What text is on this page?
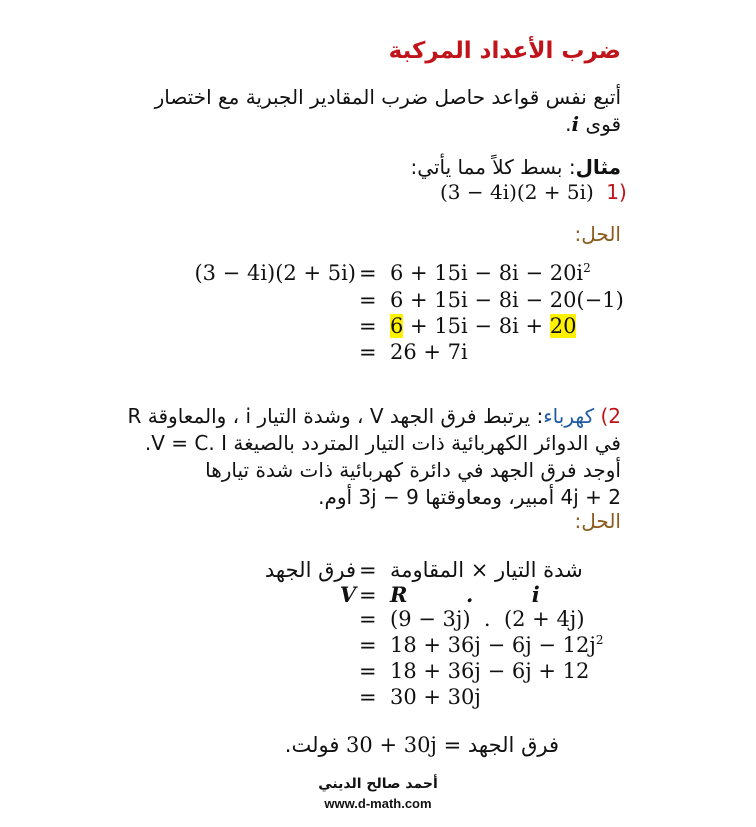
ضرب الأعداد المركبة
أتبع نفس قواعد حاصل ضرب المقادير الجبرية مع اختصار
قوى i.
مثال: بسط كلاً مما يأتي:
(3 − 4i)(2 + 5i) 1)
الحل:
$(3 - 4i)(2 + 5i) = 6 + 15i - 8i - 20i^2$
= 6 + 15i − 8i − 20(−1)
= 6 + 15i − 8i + 20
= 26 + 7i
2) كهرباء: يرتبط فرق الجهد V ، وشدة التيار i ، والمعاوقة R
في الدوائر الكهربائية ذات التيار المتردد بالصيغة V = C. I.
أوجد فرق الجهد في دائرة كهربائية ذات شدة تيارها
2 + 4j أمبير، ومعاوقتها 9 − 3j أوم.
الحل:
فرق الجهد = شدة التيار × المقاومة
V = R        .        i
= (9 − 3j)  .  (2 + 4j)
= $18 + 36j - 6j - 12j^2$
= 18 + 36j − 6j + 12
= 30 + 30j
فرق الجهد = 30 + 30j فولت.
أحمد صالح الديني
www.d-math.com
